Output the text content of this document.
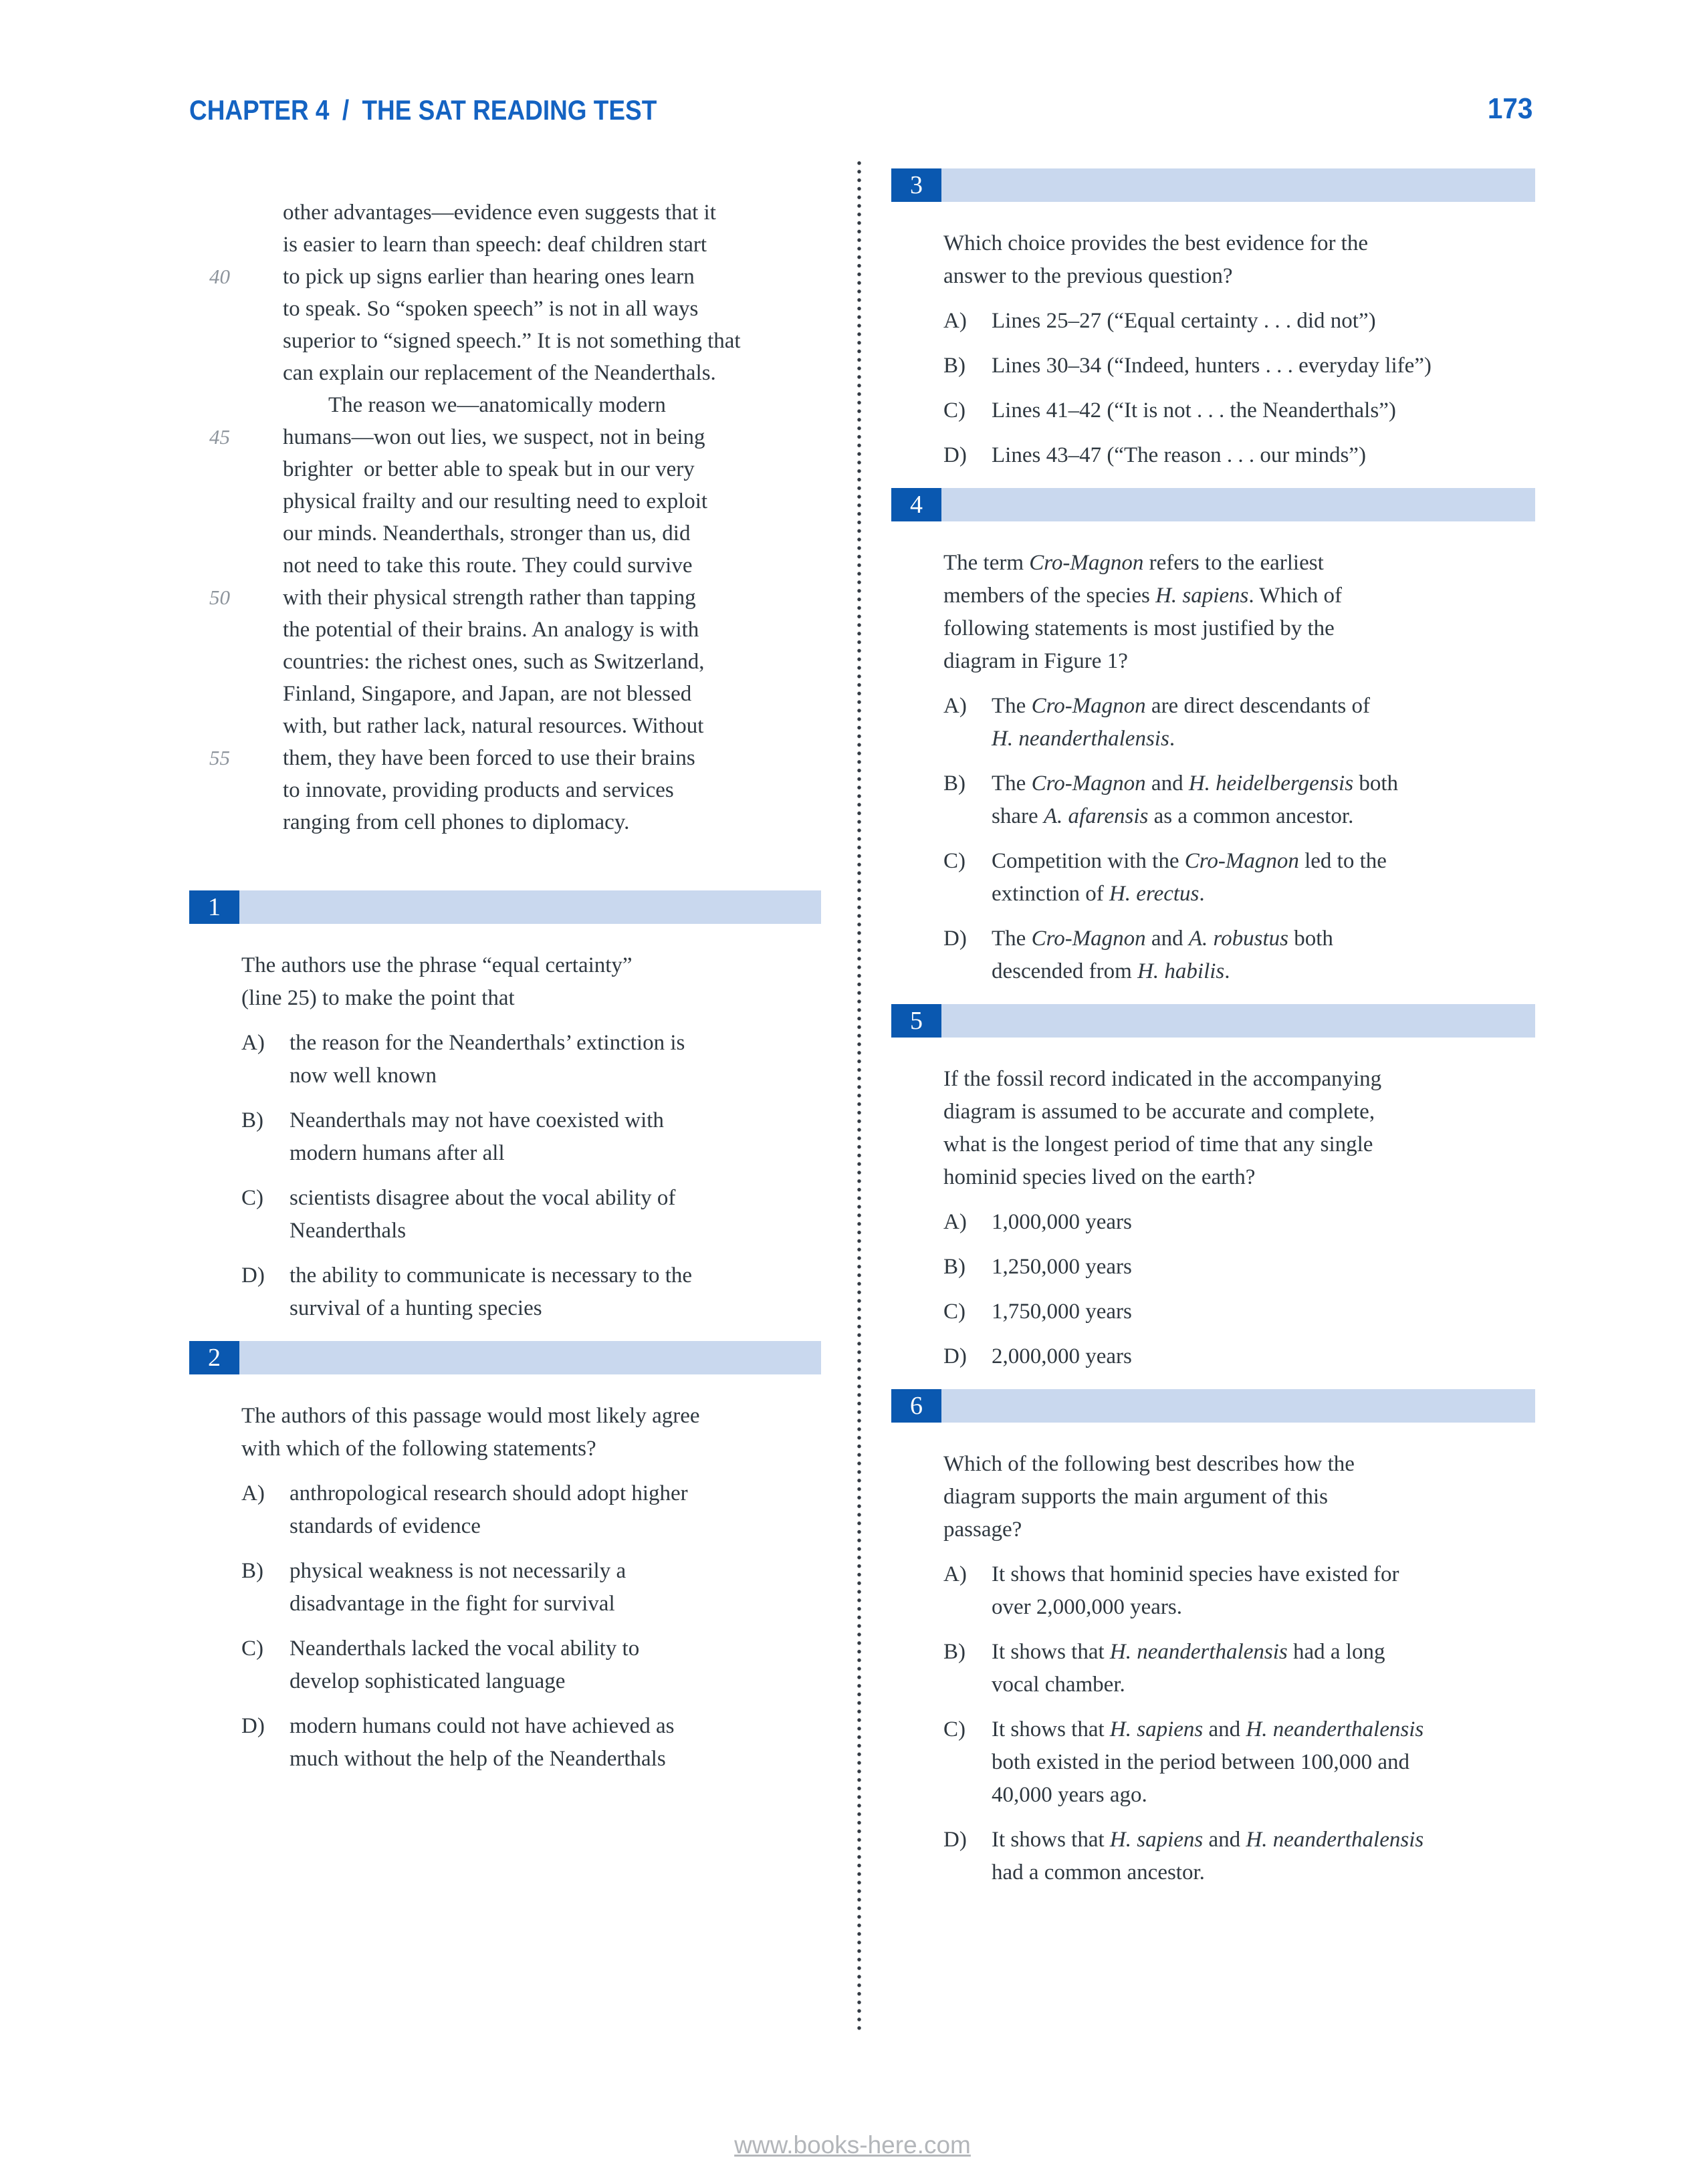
CHAPTER 4 / THE SAT READING TEST	173

other advantages—evidence even suggests that it

is easier to learn than speech: deaf children start

to pick up signs earlier than hearing ones learn

40
to speak. So “spoken speech” is not in all ways

superior to “signed speech.” It is not something that

can explain our replacement of the Neanderthals.

The reason we—anatomically modern

humans—won out lies, we suspect, not in being

45
brighter  or better able to speak but in our very

physical frailty and our resulting need to exploit

our minds. Neanderthals, stronger than us, did

not need to take this route. They could survive

with their physical strength rather than tapping

50
the potential of their brains. An analogy is with

countries: the richest ones, such as Switzerland,

Finland, Singapore, and Japan, are not blessed

with, but rather lack, natural resources. Without

them, they have been forced to use their brains

55
to innovate, providing products and services

ranging from cell phones to diplomacy.

1
The authors use the phrase “equal certainty”
(line 25) to make the point that
A)	the reason for the Neanderthals’ extinction is
now well known
B)	Neanderthals may not have coexisted with
modern humans after all
C)	scientists disagree about the vocal ability of
Neanderthals
D)	the ability to communicate is necessary to the
survival of a hunting species
2
The authors of this passage would most likely agree
with which of the following statements?
A)	anthropological research should adopt higher
standards of evidence
B)	physical weakness is not necessarily a
disadvantage in the fight for survival
C)	Neanderthals lacked the vocal ability to
develop sophisticated language
D)	modern humans could not have achieved as
much without the help of the Neanderthals
3
Which choice provides the best evidence for the
answer to the previous question?
A)	Lines 25–27 (“Equal certainty . . . did not”)
B)	Lines 30–34 (“Indeed, hunters . . . everyday life”)
C)	Lines 41–42 (“It is not . . . the Neanderthals”)
D)	Lines 43–47 (“The reason . . . our minds”)
4
The term Cro-Magnon refers to the earliest
members of the species H. sapiens. Which of
following statements is most justified by the
diagram in Figure 1?
A)	The Cro-Magnon are direct descendants of
H. neanderthalensis.
B)	The Cro-Magnon and H. heidelbergensis both
share A. afarensis as a common ancestor.
C)	Competition with the Cro-Magnon led to the
extinction of H. erectus.
D)	The Cro-Magnon and A. robustus both
descended from H. habilis.
5
If the fossil record indicated in the accompanying
diagram is assumed to be accurate and complete,
what is the longest period of time that any single
hominid species lived on the earth?
A)	1,000,000 years
B)	1,250,000 years
C)	1,750,000 years
D)	2,000,000 years
6
Which of the following best describes how the
diagram supports the main argument of this
passage?
A)	It shows that hominid species have existed for
over 2,000,000 years.
B)	It shows that H. neanderthalensis had a long
vocal chamber.
C)	It shows that H. sapiens and H. neanderthalensis
both existed in the period between 100,000 and
40,000 years ago.
D)	It shows that H. sapiens and H. neanderthalensis
had a common ancestor.
www.books-here.com
